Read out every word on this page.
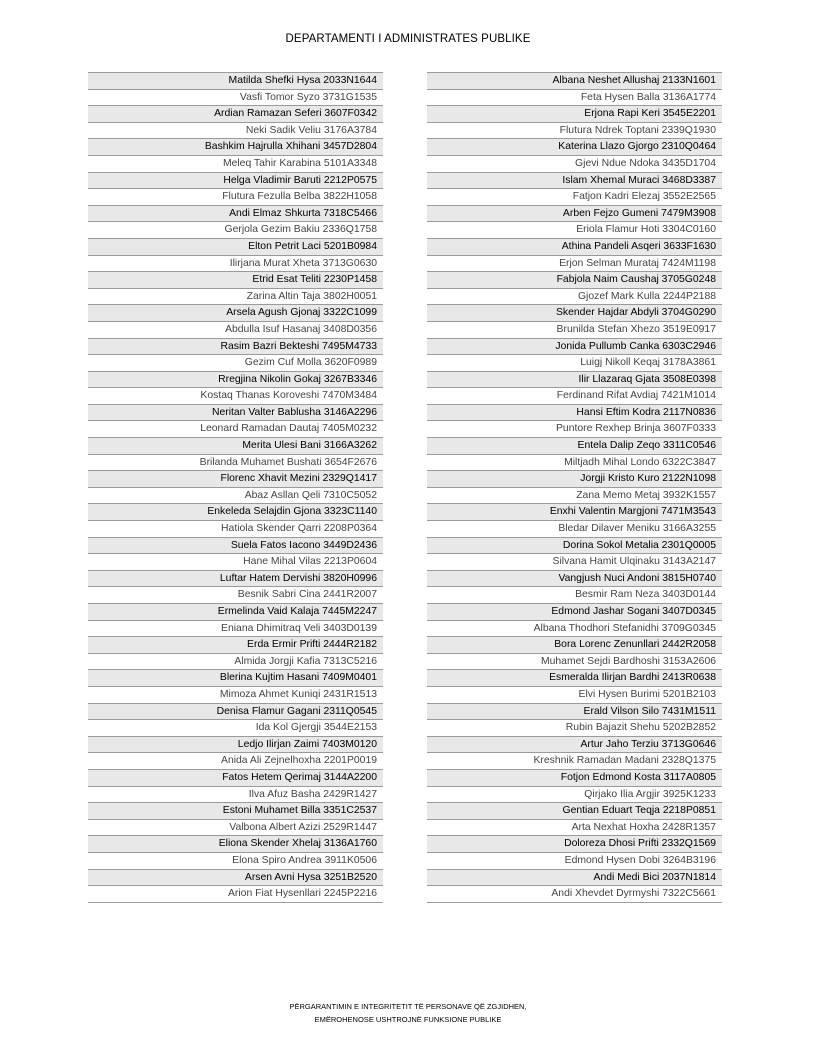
DEPARTAMENTI I ADMINISTRATES PUBLIKE
Matilda Shefki Hysa 2033N1644
Vasfi Tomor Syzo 3731G1535
Ardian Ramazan Seferi 3607F0342
Neki Sadik Veliu 3176A3784
Bashkim Hajrulla Xhihani 3457D2804
Meleq Tahir Karabina 5101A3348
Helga Vladimir Baruti 2212P0575
Flutura Fezulla Belba 3822H1058
Andi Elmaz Shkurta 7318C5466
Gerjola Gezim Bakiu 2336Q1758
Elton Petrit Laci 5201B0984
Ilirjana Murat Xheta 3713G0630
Etrid Esat Teliti 2230P1458
Zarina Altin Taja 3802H0051
Arsela Agush Gjonaj 3322C1099
Abdulla Isuf Hasanaj 3408D0356
Rasim Bazri Bekteshi 7495M4733
Gezim Cuf Molla 3620F0989
Rregjina Nikolin Gokaj 3267B3346
Kostaq Thanas Koroveshi 7470M3484
Neritan Valter Bablusha 3146A2296
Leonard Ramadan Dautaj 7405M0232
Merita Ulesi Bani 3166A3262
Brilanda Muhamet Bushati 3654F2676
Florenc Xhavit Mezini 2329Q1417
Abaz Asllan Qeli 7310C5052
Enkeleda Selajdin Gjona 3323C1140
Hatiola Skender Qarri 2208P0364
Suela Fatos Iacono 3449D2436
Hane Mihal Vilas 2213P0604
Luftar Hatem Dervishi 3820H0996
Besnik Sabri Cina 2441R2007
Ermelinda Vaid Kalaja 7445M2247
Eniana Dhimitraq Veli 3403D0139
Erda Ermir Prifti 2444R2182
Almida Jorgji Kafia 7313C5216
Blerina Kujtim Hasani 7409M0401
Mimoza Ahmet Kuniqi 2431R1513
Denisa Flamur Gagani 2311Q0545
Ida Kol Gjergji 3544E2153
Ledjo Ilirjan Zaimi 7403M0120
Anida Ali Zejnelhoxha 2201P0019
Fatos Hetem Qerimaj 3144A2200
Ilva Afuz Basha 2429R1427
Estoni Muhamet Billa 3351C2537
Valbona Albert Azizi 2529R1447
Eliona Skender Xhelaj 3136A1760
Elona Spiro Andrea 3911K0506
Arsen Avni Hysa 3251B2520
Arion Fiat Hysenllari 2245P2216
Albana Neshet Allushaj 2133N1601
Feta Hysen Balla 3136A1774
Erjona Rapi Keri 3545E2201
Flutura Ndrek Toptani 2339Q1930
Katerina Llazo Gjorgo 2310Q0464
Gjevi Ndue Ndoka 3435D1704
Islam Xhemal Muraci 3468D3387
Fatjon Kadri Elezaj 3552E2565
Arben Fejzo Gumeni 7479M3908
Eriola Flamur Hoti 3304C0160
Athina Pandeli Asqeri 3633F1630
Erjon Selman Murataj 7424M1198
Fabjola Naim Caushaj 3705G0248
Gjozef Mark Kulla 2244P2188
Skender Hajdar Abdyli 3704G0290
Brunilda Stefan Xhezo 3519E0917
Jonida Pullumb Canka 6303C2946
Luigj Nikoll Keqaj 3178A3861
Ilir Llazaraq Gjata 3508E0398
Ferdinand Rifat Avdiaj 7421M1014
Hansi Eftim Kodra 2117N0836
Puntore Rexhep Brinja 3607F0333
Entela Dalip Zeqo 3311C0546
Miltjadh Mihal Londo 6322C3847
Jorgji Kristo Kuro 2122N1098
Zana Memo Metaj 3932K1557
Enxhi Valentin Margjoni 7471M3543
Bledar Dilaver Meniku 3166A3255
Dorina Sokol Metalia 2301Q0005
Silvana Hamit Ulqinaku 3143A2147
Vangjush Nuci Andoni 3815H0740
Besmir Ram Neza 3403D0144
Edmond Jashar Sogani 3407D0345
Albana Thodhori Stefanidhi 3709G0345
Bora Lorenc Zenunllari 2442R2058
Muhamet Sejdi Bardhoshi 3153A2606
Esmeralda Ilirjan Bardhi 2413R0638
Elvi Hysen Burimi 5201B2103
Erald Vilson Silo 7431M1511
Rubin Bajazit Shehu 5202B2852
Artur Jaho Terziu 3713G0646
Kreshnik Ramadan Madani 2328Q1375
Fotjon Edmond Kosta 3117A0805
Qirjako Ilia Argjir 3925K1233
Gentian Eduart Teqja 2218P0851
Arta Nexhat Hoxha 2428R1357
Doloreza Dhosi Prifti 2332Q1569
Edmond Hysen Dobi 3264B3196
Andi Medi Bici 2037N1814
Andi Xhevdet Dyrmyshi 7322C5661
PËRGARANTIMIN E INTEGRITETIT TË PERSONAVE QË ZGJIDHEN,
EMËROHENOSE USHTROJNË FUNKSIONE PUBLIKE
